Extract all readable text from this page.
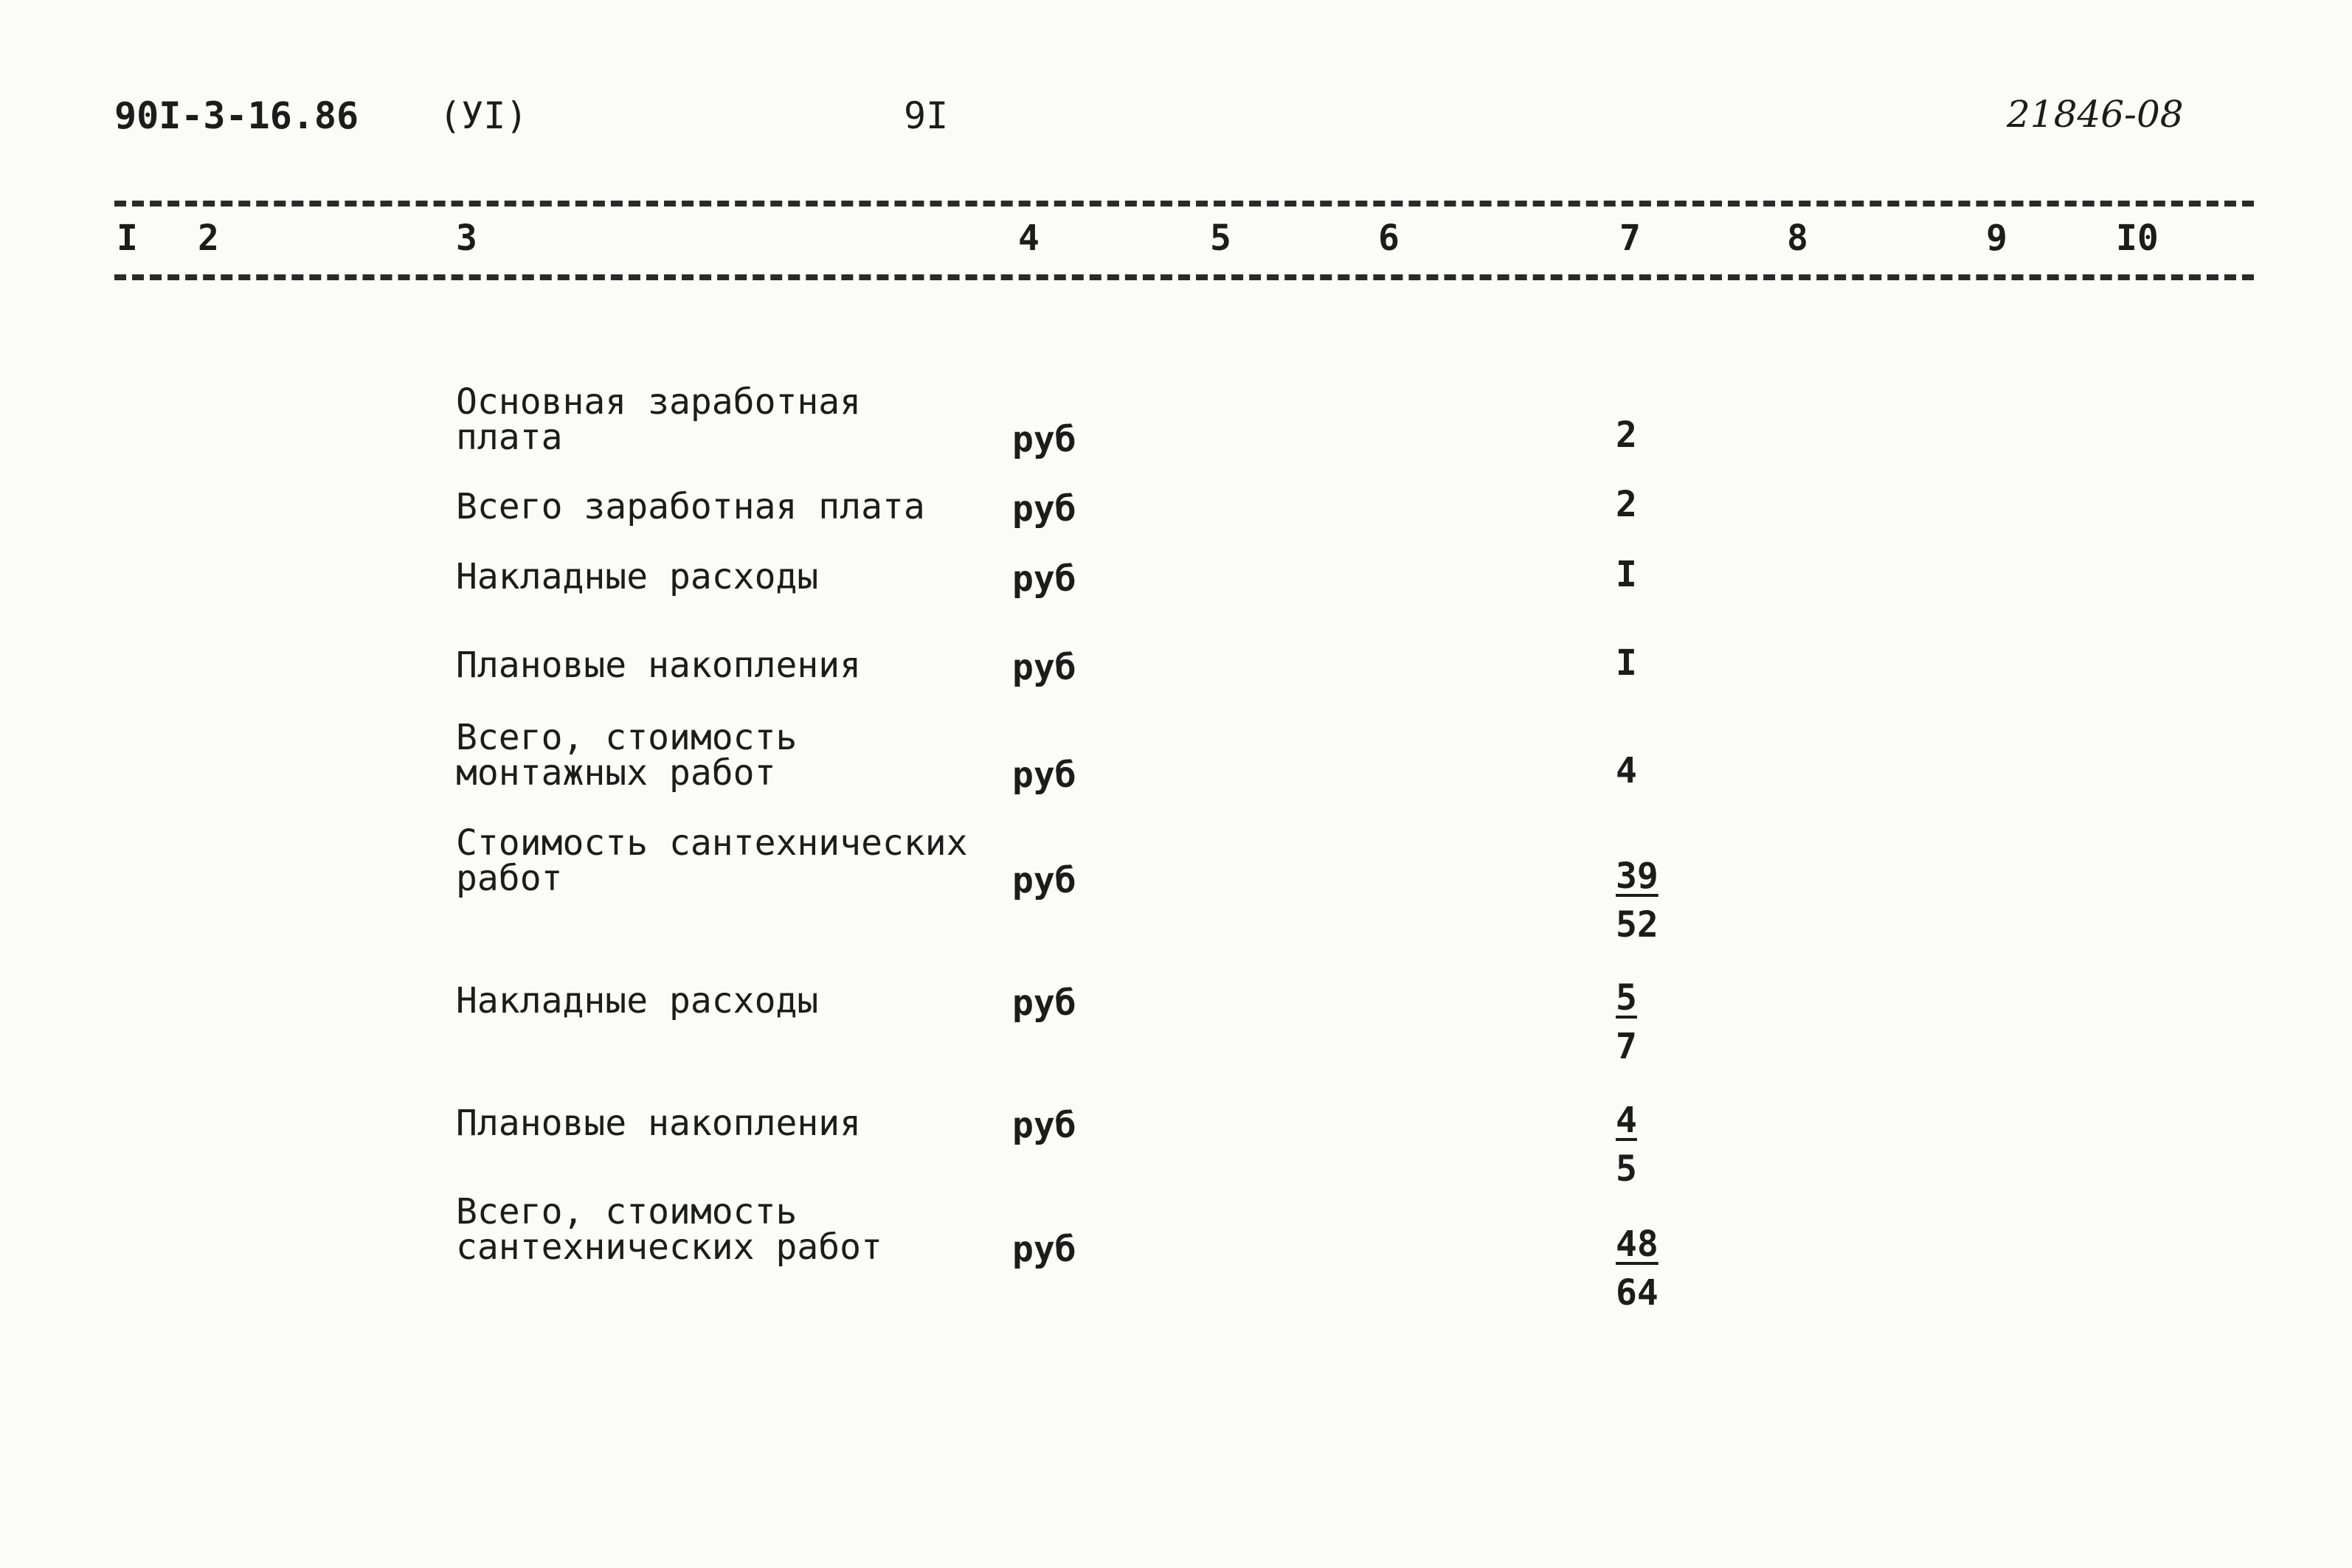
90I-3-16.86 (УI)	9I	21846-08
I 2	3	4	5	6	7	8	9	I0
Основная заработная
плата	руб	2
Всего заработная плата руб	2
Накладные расходы	руб	I
Плановые накопления	руб	I
Всего, стоимость
монтажных работ	руб	4
Стоимость сантехнических
работ	руб	$\frac{39}{52}$
Накладные расходы	руб	$\frac{5}{7}$
Плановые накопления	руб	$\frac{4}{5}$
Всего, стоимость
сантехнических работ	руб	$\frac{48}{64}$
